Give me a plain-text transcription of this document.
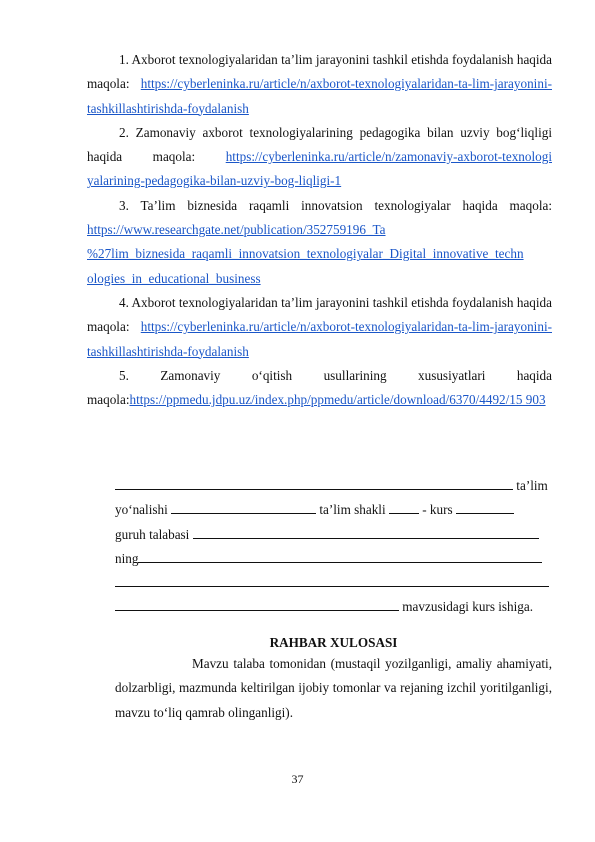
1. Axborot texnologiyalaridan ta’lim jarayonini tashkil etishda foydalanish haqida maqola: https://cyberleninka.ru/article/n/axborot-texnologiyalaridan-ta-lim-jarayonini-tashkillashtirishda-foydalanish

2. Zamonaviy axborot texnologiyalarining pedagogika bilan uzviy bog‘liqligi haqida maqola: https://cyberleninka.ru/article/n/zamonaviy-axborot-texnologi yalarining-pedagogika-bilan-uzviy-bog-liqligi-1

3. Ta’lim biznesida raqamli innovatsion texnologiyalar haqida maqola: https://www.researchgate.net/publication/352759196_Ta %27lim_biznesida_raqamli_innovatsion_texnologiyalar_Digital_innovative_techn ologies_in_educational_business

4. Axborot texnologiyalaridan ta’lim jarayonini tashkil etishda foydalanish haqida maqola: https://cyberleninka.ru/article/n/axborot-texnologiyalaridan-ta-lim-jarayonini-tashkillashtirishda-foydalanish

5. Zamonaviy o‘qitish usullarining xususiyatlari haqida maqola:https://ppmedu.jdpu.uz/index.php/ppmedu/article/download/6370/4492/15 903

ta’lim
yo‘nalishi	ta’lim shakli	- kurs
guruh talabasi
ning
mavzusidagi kurs ishiga.
RAHBAR XULOSASI
Mavzu talaba tomonidan (mustaqil yozilganligi, amaliy ahamiyati, dolzarbligi, mazmunda keltirilgan ijobiy tomonlar va rejaning izchil yoritilganligi, mavzu to‘liq qamrab olinganligi).
37
